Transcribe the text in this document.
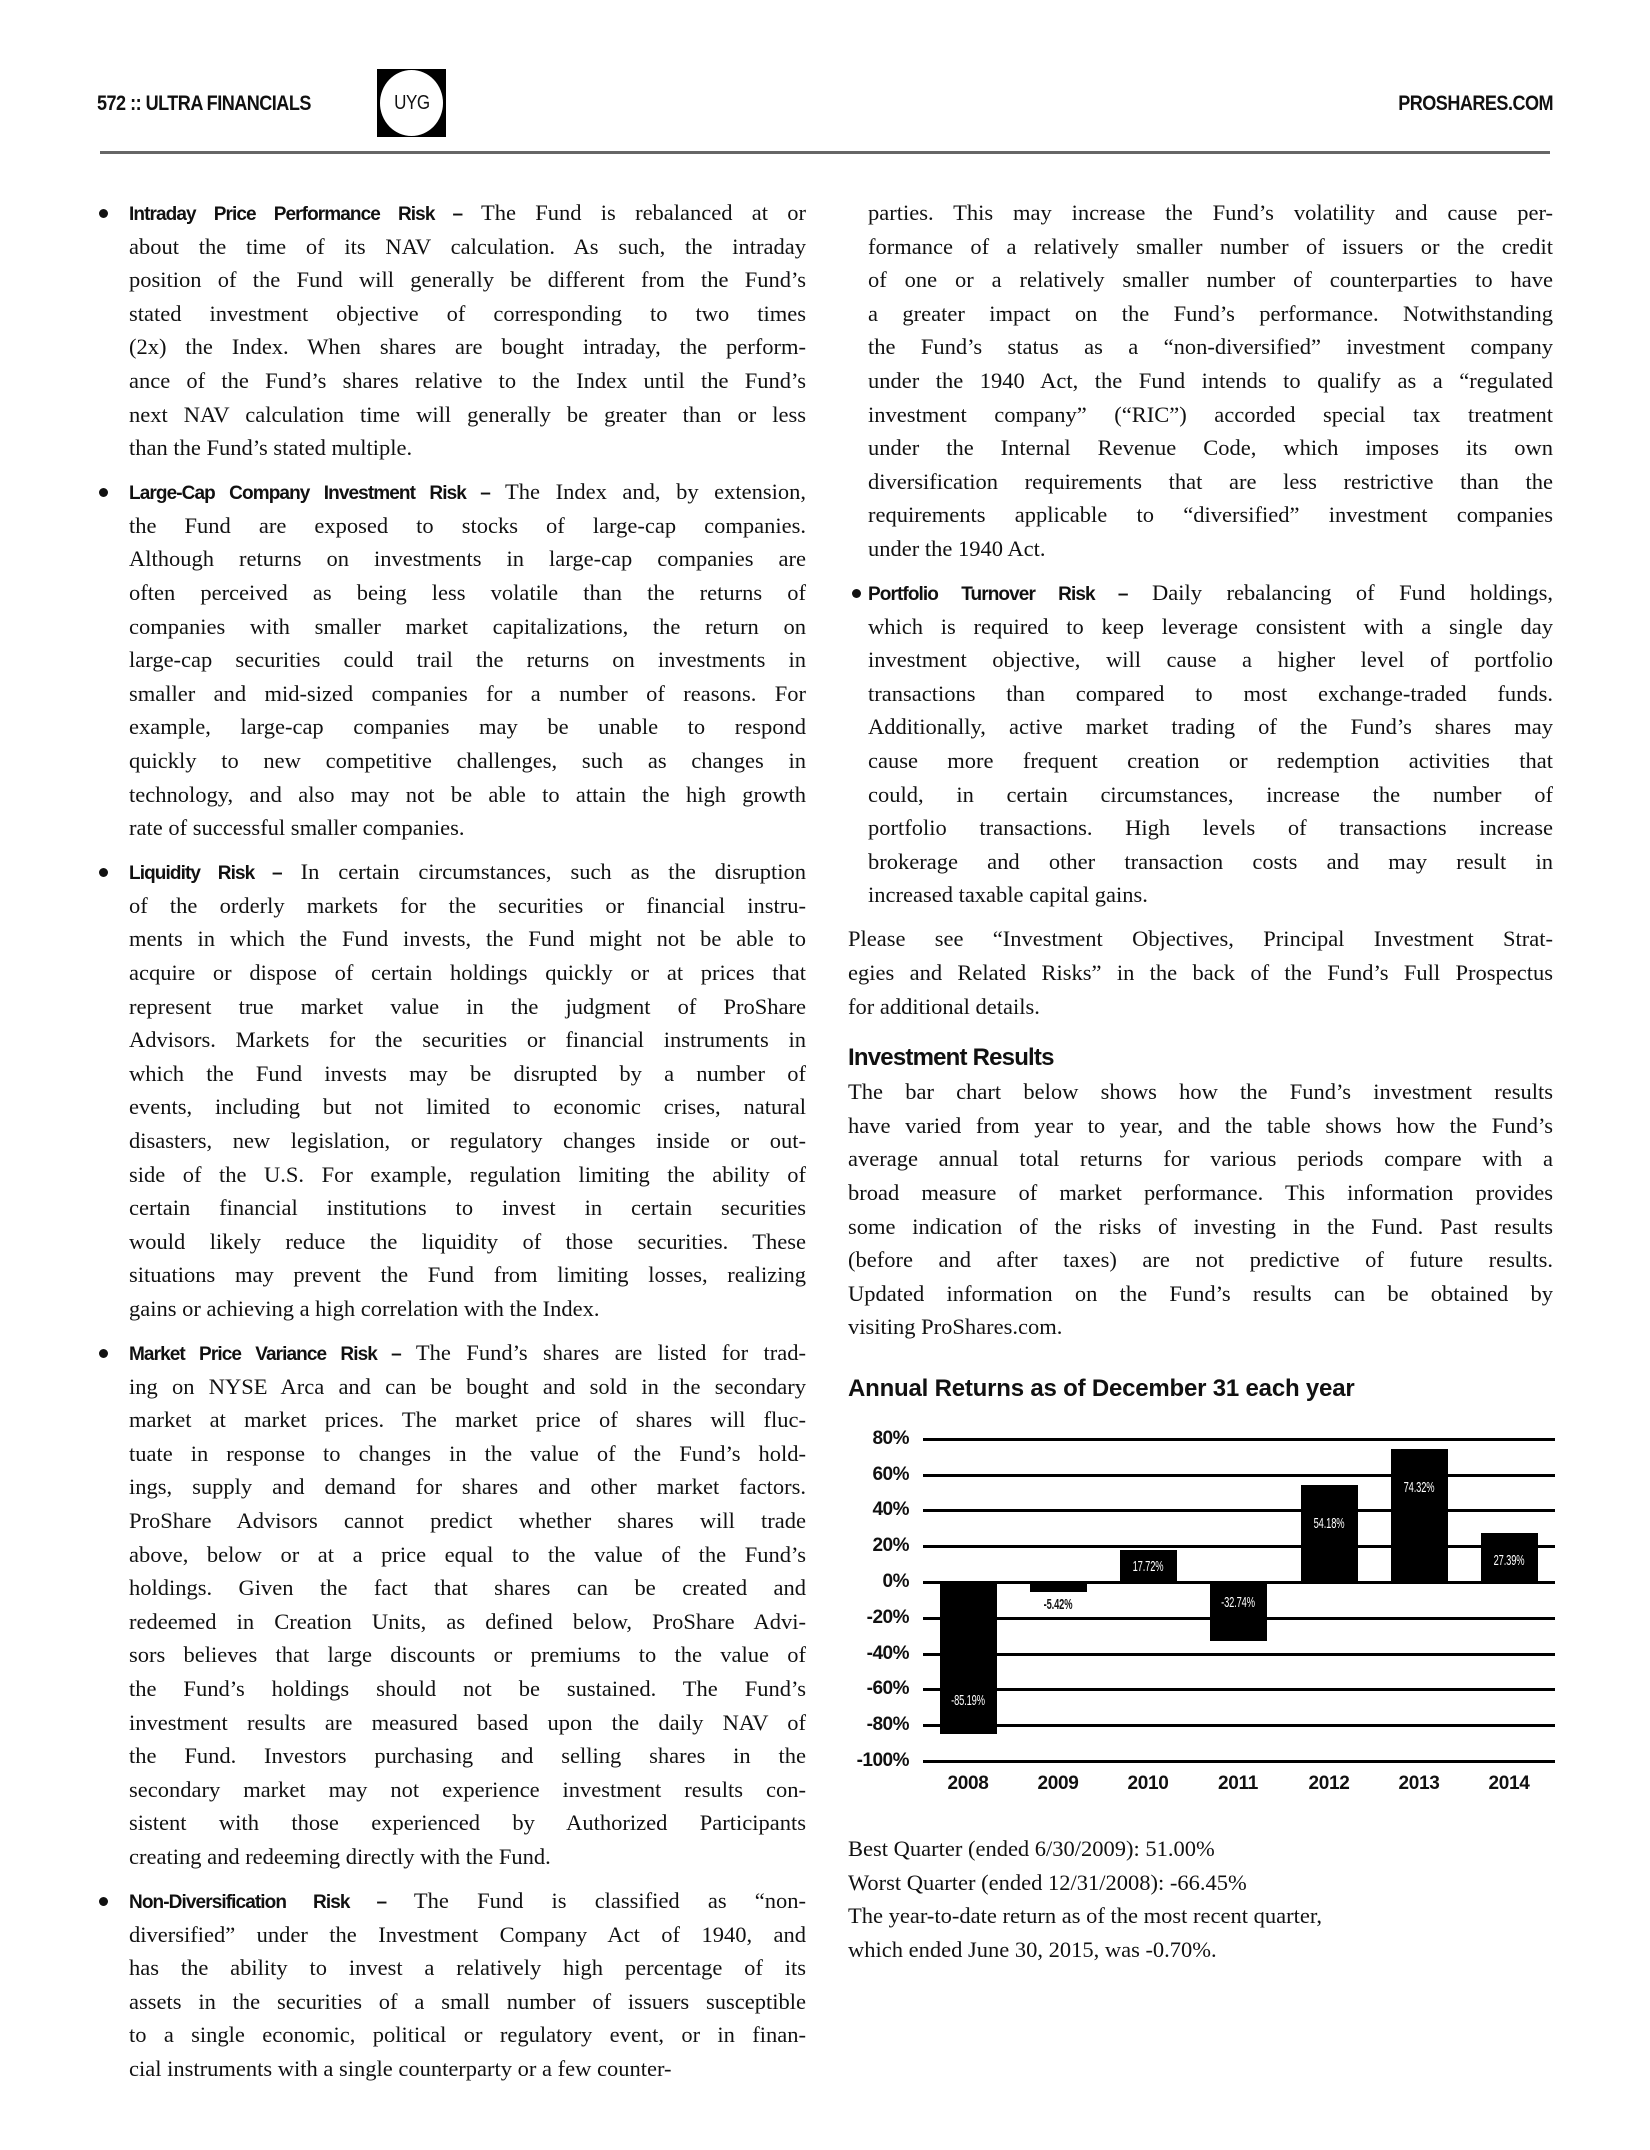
572 :: ULTRA FINANCIALS	UYG	PROSHARES.COM
Intraday Price Performance Risk – The Fund is rebalanced at or
about the time of its NAV calculation. As such, the intraday
position of the Fund will generally be different from the Fund’s
stated investment objective of corresponding to two times
(2x) the Index. When shares are bought intraday, the perform-
ance of the Fund’s shares relative to the Index until the Fund’s
next NAV calculation time will generally be greater than or less
than the Fund’s stated multiple.
Large-Cap Company Investment Risk – The Index and, by extension,
the Fund are exposed to stocks of large-cap companies.
Although returns on investments in large-cap companies are
often perceived as being less volatile than the returns of
companies with smaller market capitalizations, the return on
large-cap securities could trail the returns on investments in
smaller and mid-sized companies for a number of reasons. For
example, large-cap companies may be unable to respond
quickly to new competitive challenges, such as changes in
technology, and also may not be able to attain the high growth
rate of successful smaller companies.
Liquidity Risk – In certain circumstances, such as the disruption
of the orderly markets for the securities or financial instru-
ments in which the Fund invests, the Fund might not be able to
acquire or dispose of certain holdings quickly or at prices that
represent true market value in the judgment of ProShare
Advisors. Markets for the securities or financial instruments in
which the Fund invests may be disrupted by a number of
events, including but not limited to economic crises, natural
disasters, new legislation, or regulatory changes inside or out-
side of the U.S. For example, regulation limiting the ability of
certain financial institutions to invest in certain securities
would likely reduce the liquidity of those securities. These
situations may prevent the Fund from limiting losses, realizing
gains or achieving a high correlation with the Index.
Market Price Variance Risk – The Fund’s shares are listed for trad-
ing on NYSE Arca and can be bought and sold in the secondary
market at market prices. The market price of shares will fluc-
tuate in response to changes in the value of the Fund’s hold-
ings, supply and demand for shares and other market factors.
ProShare Advisors cannot predict whether shares will trade
above, below or at a price equal to the value of the Fund’s
holdings. Given the fact that shares can be created and
redeemed in Creation Units, as defined below, ProShare Advi-
sors believes that large discounts or premiums to the value of
the Fund’s holdings should not be sustained. The Fund’s
investment results are measured based upon the daily NAV of
the Fund. Investors purchasing and selling shares in the
secondary market may not experience investment results con-
sistent with those experienced by Authorized Participants
creating and redeeming directly with the Fund.
Non-Diversification Risk – The Fund is classified as “non-
diversified” under the Investment Company Act of 1940, and
has the ability to invest a relatively high percentage of its
assets in the securities of a small number of issuers susceptible
to a single economic, political or regulatory event, or in finan-
cial instruments with a single counterparty or a few counter-
parties. This may increase the Fund’s volatility and cause per-
formance of a relatively smaller number of issuers or the credit
of one or a relatively smaller number of counterparties to have
a greater impact on the Fund’s performance. Notwithstanding
the Fund’s status as a “non-diversified” investment company
under the 1940 Act, the Fund intends to qualify as a “regulated
investment company” (“RIC”) accorded special tax treatment
under the Internal Revenue Code, which imposes its own
diversification requirements that are less restrictive than the
requirements applicable to “diversified” investment companies
under the 1940 Act.
Portfolio Turnover Risk – Daily rebalancing of Fund holdings,
which is required to keep leverage consistent with a single day
investment objective, will cause a higher level of portfolio
transactions than compared to most exchange-traded funds.
Additionally, active market trading of the Fund’s shares may
cause more frequent creation or redemption activities that
could, in certain circumstances, increase the number of
portfolio transactions. High levels of transactions increase
brokerage and other transaction costs and may result in
increased taxable capital gains.
Please see “Investment Objectives, Principal Investment Strat-
egies and Related Risks” in the back of the Fund’s Full Prospectus
for additional details.
Investment Results
The bar chart below shows how the Fund’s investment results
have varied from year to year, and the table shows how the Fund’s
average annual total returns for various periods compare with a
broad measure of market performance. This information provides
some indication of the risks of investing in the Fund. Past results
(before and after taxes) are not predictive of future results.
Updated information on the Fund’s results can be obtained by
visiting ProShares.com.
Annual Returns as of December 31 each year
80%
60%
40%
20%
0%
-20%
-40%
-60%
-80%
-100%
-85.19%
2008
-5.42%
2009
17.72%
2010
-32.74%
2011
54.18%
2012
74.32%
2013
27.39%
2014
Best Quarter (ended 6/30/2009): 51.00%
Worst Quarter (ended 12/31/2008): -66.45%
The year-to-date return as of the most recent quarter,
which ended June 30, 2015, was -0.70%.
